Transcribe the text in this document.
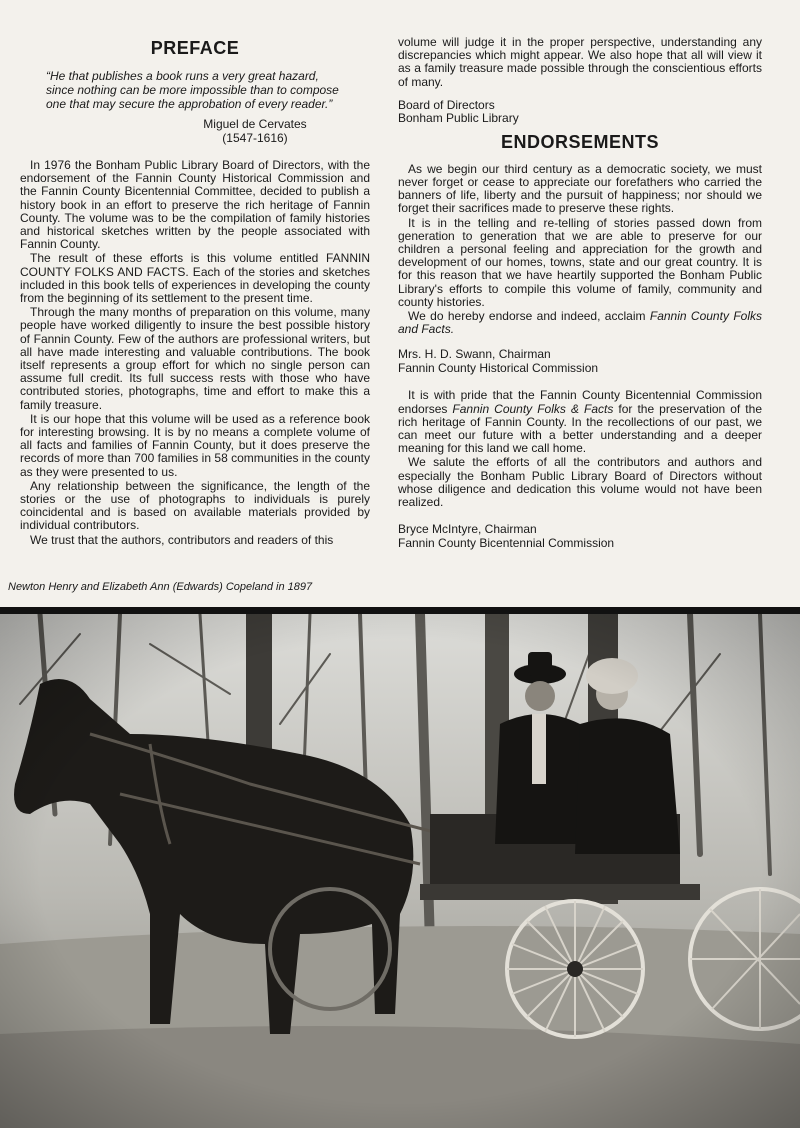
PREFACE

“He that publishes a book runs a very great hazard, since nothing can be more impossible than to compose one that may secure the approbation of every reader.”

Miguel de Cervates
(1547-1616)

In 1976 the Bonham Public Library Board of Directors, with the endorsement of the Fannin County Historical Commission and the Fannin County Bicentennial Committee, decided to publish a history book in an effort to preserve the rich heritage of Fannin County. The volume was to be the compilation of family histories and historical sketches written by the people associated with Fannin County.

The result of these efforts is this volume entitled FANNIN COUNTY FOLKS AND FACTS. Each of the stories and sketches included in this book tells of experiences in developing the county from the beginning of its settlement to the present time.

Through the many months of preparation on this volume, many people have worked diligently to insure the best possible history of Fannin County. Few of the authors are professional writers, but all have made interesting and valuable contributions. The book itself represents a group effort for which no single person can assume full credit. Its full success rests with those who have contributed stories, photographs, time and effort to make this a family treasure.

It is our hope that this volume will be used as a reference book for interesting browsing. It is by no means a complete volume of all facts and families of Fannin County, but it does preserve the records of more than 700 families in 58 communities in the county as they were presented to us.

Any relationship between the significance, the length of the stories or the use of photographs to individuals is purely coincidental and is based on available materials provided by individual contributors.

We trust that the authors, contributors and readers of this

Newton Henry and Elizabeth Ann (Edwards) Copeland in 1897

volume will judge it in the proper perspective, understanding any discrepancies which might appear. We also hope that all will view it as a family treasure made possible through the conscientious efforts of many.

Board of Directors

Bonham Public Library

ENDORSEMENTS

As we begin our third century as a democratic society, we must never forget or cease to appreciate our forefathers who carried the banners of life, liberty and the pursuit of happiness; nor should we forget their sacrifices made to preserve these rights.

It is in the telling and re-telling of stories passed down from generation to generation that we are able to preserve for our children a personal feeling and appreciation for the growth and development of our homes, towns, state and our great country. It is for this reason that we have heartily supported the Bonham Public Library's efforts to compile this volume of family, community and county histories.

We do hereby endorse and indeed, acclaim Fannin County Folks and Facts.

Mrs. H. D. Swann, Chairman

Fannin County Historical Commission

It is with pride that the Fannin County Bicentennial Commission endorses Fannin County Folks & Facts for the preservation of the rich heritage of Fannin County. In the recollections of our past, we can meet our future with a better understanding and a deeper meaning for this land we call home.

We salute the efforts of all the contributors and authors and especially the Bonham Public Library Board of Directors without whose diligence and dedication this volume would not have been realized.

Bryce McIntyre, Chairman

Fannin County Bicentennial Commission
